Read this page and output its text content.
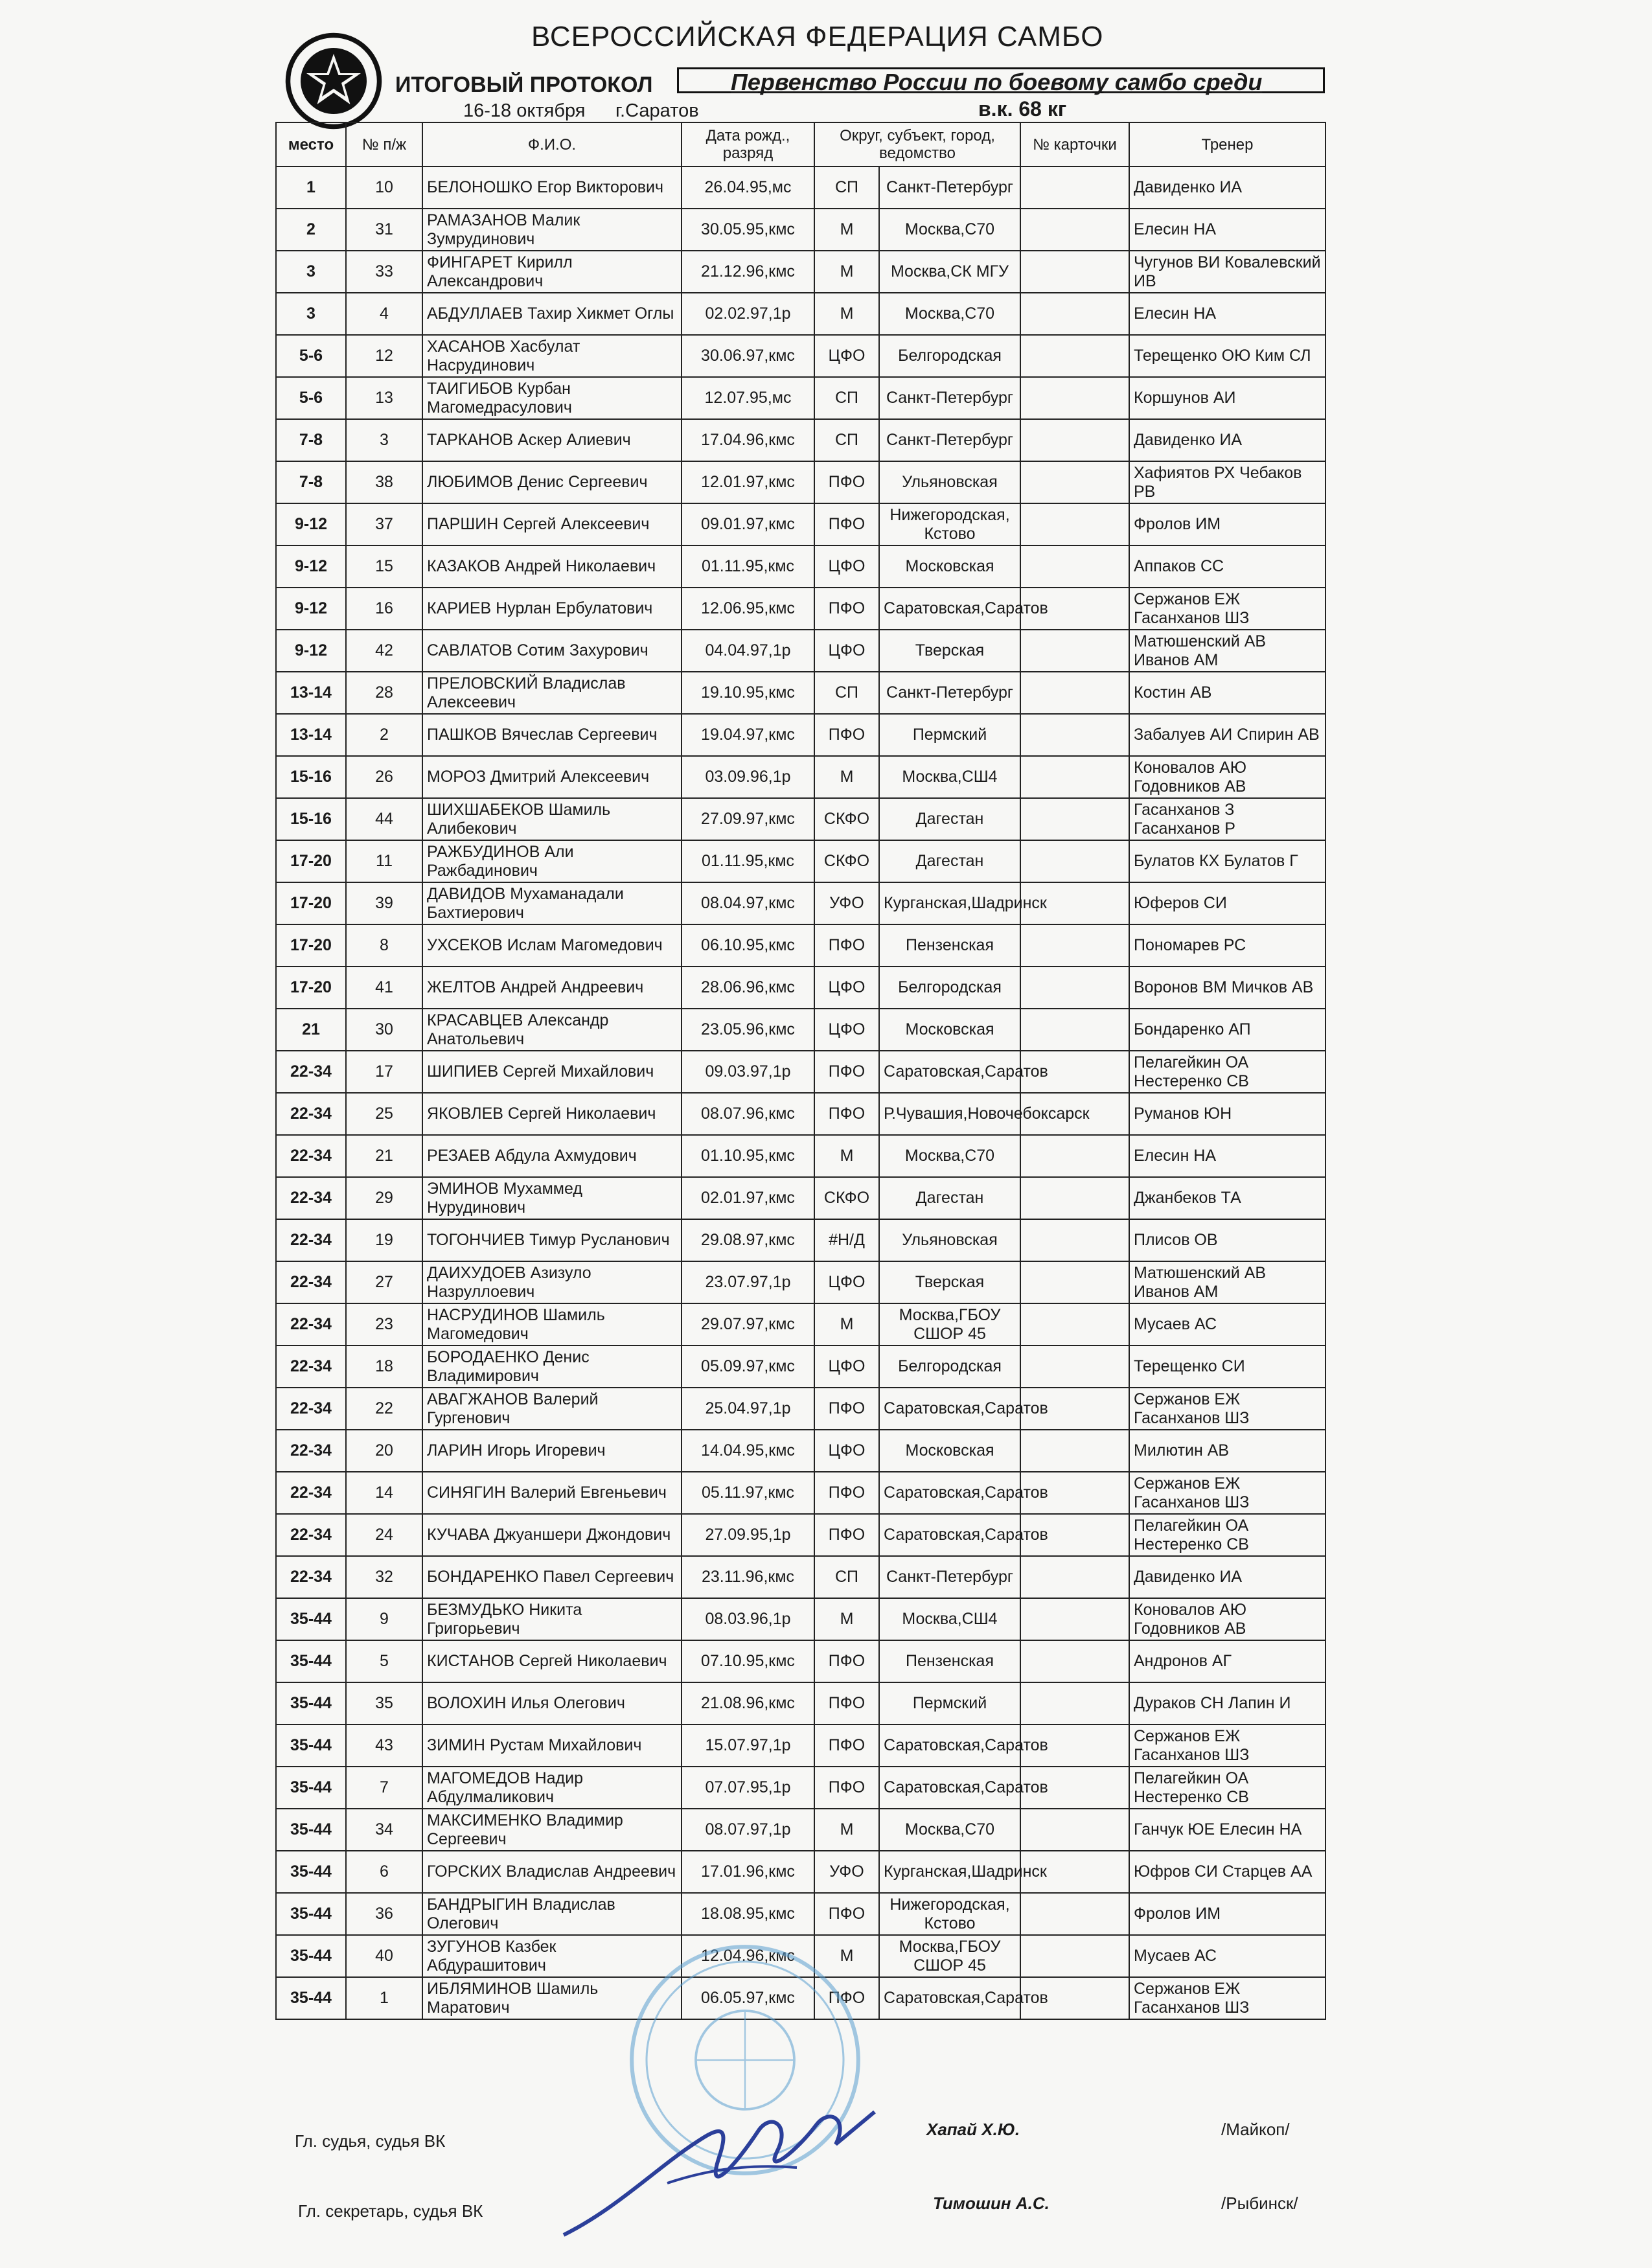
ВСЕРОССИЙСКАЯ ФЕДЕРАЦИЯ САМБО
ИТОГОВЫЙ ПРОТОКОЛ	Первенство России по боевому самбо среди
16-18 октября г.Саратов	в.к. 68 кг
место	№ п/ж	Ф.И.О.	Дата рожд., разряд	Округ, субъект, город, ведомство		№ карточки	Тренер
1	10	БЕЛОНОШКО Егор Викторович	26.04.95,мс	СП	Санкт-Петербург		Давиденко ИА
2	31	РАМАЗАНОВ Малик Зумрудинович	30.05.95,кмс	М	Москва,С70		Елесин НА
3	33	ФИНГАРЕТ Кирилл Александрович	21.12.96,кмс	М	Москва,СК МГУ		Чугунов ВИ Ковалевский ИВ
3	4	АБДУЛЛАЕВ Тахир Хикмет Оглы	02.02.97,1р	М	Москва,С70		Елесин НА
5-6	12	ХАСАНОВ Хасбулат Насрудинович	30.06.97,кмс	ЦФО	Белгородская		Терещенко ОЮ Ким СЛ
5-6	13	ТАИГИБОВ Курбан Магомедрасулович	12.07.95,мс	СП	Санкт-Петербург		Коршунов АИ
7-8	3	ТАРКАНОВ Аскер Алиевич	17.04.96,кмс	СП	Санкт-Петербург		Давиденко ИА
7-8	38	ЛЮБИМОВ Денис Сергеевич	12.01.97,кмс	ПФО	Ульяновская		Хафиятов РХ Чебаков РВ
9-12	37	ПАРШИН Сергей Алексеевич	09.01.97,кмс	ПФО	Нижегородская, Кстово		Фролов ИМ
9-12	15	КАЗАКОВ Андрей Николаевич	01.11.95,кмс	ЦФО	Московская		Аппаков СС
9-12	16	КАРИЕВ Нурлан Ербулатович	12.06.95,кмс	ПФО	Саратовская,Саратов		Сержанов ЕЖ Гасанханов ШЗ
9-12	42	САВЛАТОВ Сотим Захурович	04.04.97,1р	ЦФО	Тверская		Матюшенский АВ Иванов АМ
13-14	28	ПРЕЛОВСКИЙ Владислав Алексеевич	19.10.95,кмс	СП	Санкт-Петербург		Костин АВ
13-14	2	ПАШКОВ Вячеслав Сергеевич	19.04.97,кмс	ПФО	Пермский		Забалуев АИ Спирин АВ
15-16	26	МОРОЗ Дмитрий Алексеевич	03.09.96,1р	М	Москва,СШ4		Коновалов АЮ Годовников АВ
15-16	44	ШИХШАБЕКОВ Шамиль Алибекович	27.09.97,кмс	СКФО	Дагестан		Гасанханов З Гасанханов Р
17-20	11	РАЖБУДИНОВ Али Ражбадинович	01.11.95,кмс	СКФО	Дагестан		Булатов КХ Булатов Г
17-20	39	ДАВИДОВ Мухаманадали Бахтиерович	08.04.97,кмс	УФО	Курганская,Шадринск		Юферов СИ
17-20	8	УХСЕКОВ Ислам Магомедович	06.10.95,кмс	ПФО	Пензенская		Пономарев РС
17-20	41	ЖЕЛТОВ Андрей Андреевич	28.06.96,кмс	ЦФО	Белгородская		Воронов ВМ Мичков АВ
21	30	КРАСАВЦЕВ Александр Анатольевич	23.05.96,кмс	ЦФО	Московская		Бондаренко АП
22-34	17	ШИПИЕВ Сергей Михайлович	09.03.97,1р	ПФО	Саратовская,Саратов		Пелагейкин ОА Нестеренко СВ
22-34	25	ЯКОВЛЕВ Сергей Николаевич	08.07.96,кмс	ПФО	Р.Чувашия,Новочебоксарск		Руманов ЮН
22-34	21	РЕЗАЕВ Абдула Ахмудович	01.10.95,кмс	М	Москва,С70		Елесин НА
22-34	29	ЭМИНОВ Мухаммед Нурудинович	02.01.97,кмс	СКФО	Дагестан		Джанбеков ТА
22-34	19	ТОГОНЧИЕВ Тимур Русланович	29.08.97,кмс	#Н/Д	Ульяновская		Плисов ОВ
22-34	27	ДАИХУДОЕВ Азизуло Назруллоевич	23.07.97,1р	ЦФО	Тверская		Матюшенский АВ Иванов АМ
22-34	23	НАСРУДИНОВ Шамиль Магомедович	29.07.97,кмс	М	Москва,ГБОУ СШОР 45		Мусаев АС
22-34	18	БОРОДАЕНКО Денис Владимирович	05.09.97,кмс	ЦФО	Белгородская		Терещенко СИ
22-34	22	АВАГЖАНОВ Валерий Гургенович	25.04.97,1р	ПФО	Саратовская,Саратов		Сержанов ЕЖ Гасанханов ШЗ
22-34	20	ЛАРИН Игорь Игоревич	14.04.95,кмс	ЦФО	Московская		Милютин АВ
22-34	14	СИНЯГИН Валерий Евгеньевич	05.11.97,кмс	ПФО	Саратовская,Саратов		Сержанов ЕЖ Гасанханов ШЗ
22-34	24	КУЧАВА Джуаншери Джондович	27.09.95,1р	ПФО	Саратовская,Саратов		Пелагейкин ОА Нестеренко СВ
22-34	32	БОНДАРЕНКО Павел Сергеевич	23.11.96,кмс	СП	Санкт-Петербург		Давиденко ИА
35-44	9	БЕЗМУДЬКО Никита Григорьевич	08.03.96,1р	М	Москва,СШ4		Коновалов АЮ Годовников АВ
35-44	5	КИСТАНОВ Сергей Николаевич	07.10.95,кмс	ПФО	Пензенская		Андронов АГ
35-44	35	ВОЛОХИН Илья Олегович	21.08.96,кмс	ПФО	Пермский		Дураков СН Лапин И
35-44	43	ЗИМИН Рустам Михайлович	15.07.97,1р	ПФО	Саратовская,Саратов		Сержанов ЕЖ Гасанханов ШЗ
35-44	7	МАГОМЕДОВ Надир Абдулмаликович	07.07.95,1р	ПФО	Саратовская,Саратов		Пелагейкин ОА Нестеренко СВ
35-44	34	МАКСИМЕНКО Владимир Сергеевич	08.07.97,1р	М	Москва,С70		Ганчук ЮЕ Елесин НА
35-44	6	ГОРСКИХ Владислав Андреевич	17.01.96,кмс	УФО	Курганская,Шадринск		Юфров СИ Старцев АА
35-44	36	БАНДРЫГИН Владислав Олегович	18.08.95,кмс	ПФО	Нижегородская, Кстово		Фролов ИМ
35-44	40	ЗУГУНОВ Казбек Абдурашитович	12.04.96,кмс	М	Москва,ГБОУ СШОР 45		Мусаев АС
35-44	1	ИБЛЯМИНОВ Шамиль Маратович	06.05.97,кмс	ПФО	Саратовская,Саратов		Сержанов ЕЖ Гасанханов ШЗ
Гл. судья, судья ВК
Хапай Х.Ю.	/Майкоп/
Гл. секретарь, судья ВК	Тимошин А.С.	/Рыбинск/
